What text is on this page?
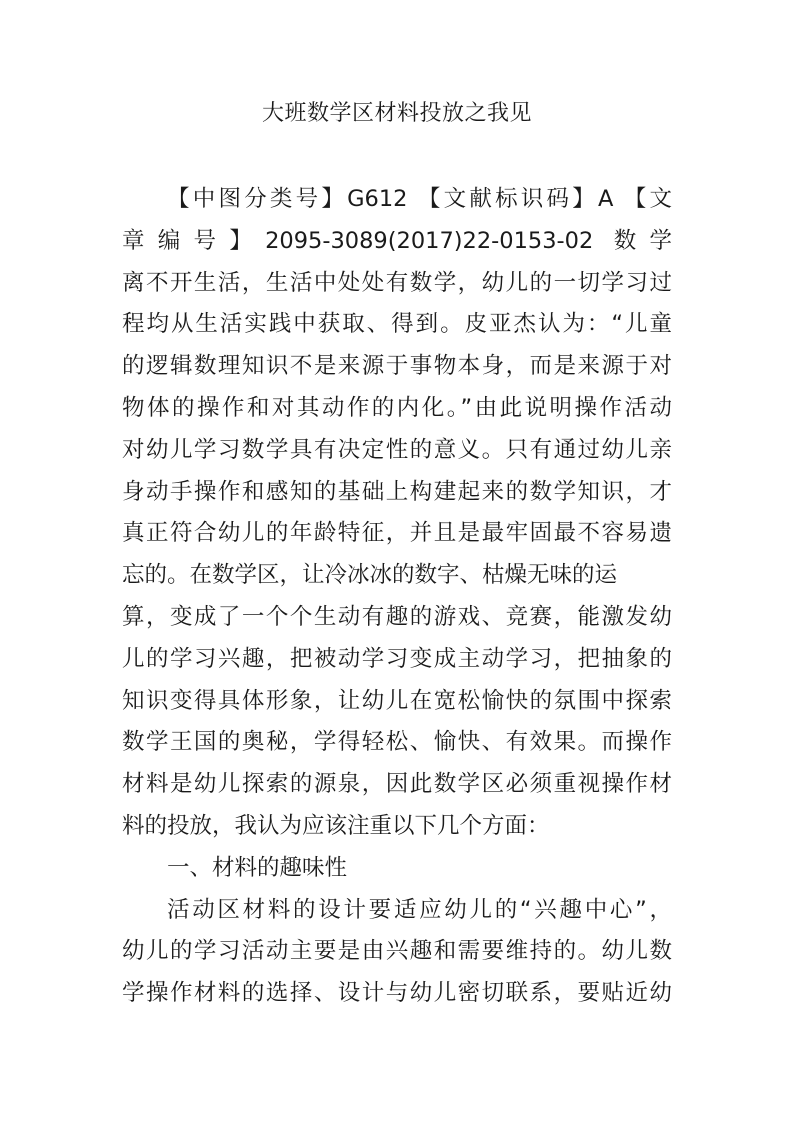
大班数学区材料投放之我见
【中图分类号】G612 【文献标识码】A 【文
章编号】2095-3089(2017)22-0153-02 数学
离不开生活，生活中处处有数学，幼儿的一切学习过
程均从生活实践中获取、得到。皮亚杰认为：“儿童
的逻辑数理知识不是来源于事物本身，而是来源于对
物体的操作和对其动作的内化。”由此说明操作活动
对幼儿学习数学具有决定性的意义。只有通过幼儿亲
身动手操作和感知的基础上构建起来的数学知识，才
真正符合幼儿的年龄特征，并且是最牢固最不容易遗
忘的。在数学区，让冷冰冰的数字、枯燥无味的运
算，变成了一个个生动有趣的游戏、竞赛，能激发幼
儿的学习兴趣，把被动学习变成主动学习，把抽象的
知识变得具体形象，让幼儿在宽松愉快的氛围中探索
数学王国的奥秘，学得轻松、愉快、有效果。而操作
材料是幼儿探索的源泉，因此数学区必须重视操作材
料的投放，我认为应该注重以下几个方面：
一、材料的趣味性
活动区材料的设计要适应幼儿的“兴趣中心”，
幼儿的学习活动主要是由兴趣和需要维持的。幼儿数
学操作材料的选择、设计与幼儿密切联系，要贴近幼
